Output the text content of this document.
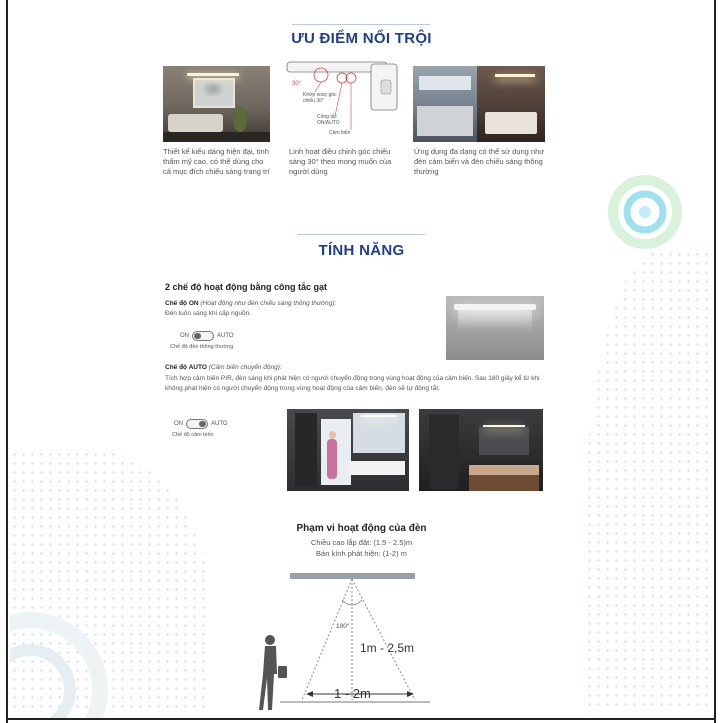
ƯU ĐIỂM NỔI TRỘI
30°
Khớp xoay góc chiếu 30°
Công tắc ON/AUTO
Cảm biến
Thiết kế kiểu dáng hiện đại, tinh thẩm mỹ cao, có thể dùng cho cả mục đích chiếu sáng trang trí
Linh hoạt điều chỉnh góc chiếu sáng 30° theo mong muốn của người dùng
Ứng dụng đa dạng có thể sử dụng như đèn cảm biến và đèn chiếu sáng thông thường
TÍNH NĂNG
2 chế độ hoạt động bằng công tắc gạt
Chế độ ON (Hoạt động như đèn chiếu sáng thông thường):
Đèn luôn sáng khi cấp nguồn.
ON	AUTO
Chế độ đèn thông thường
Chế độ AUTO (Cảm biến chuyển động):
Tích hợp cảm biến PIR, đèn sáng khi phát hiện có người chuyển động trong vùng hoạt động của cảm biến. Sau 180 giây kể từ khi không phát hiện có người chuyển động trong vùng hoạt động của cảm biến, đèn sẽ tự động tắt.
ON	AUTO
Chế độ cảm biến
Phạm vi hoạt động của đèn
Chiều cao lắp đặt: (1.5 - 2.5)m
Bán kính phát hiện: (1-2) m
100°
1m - 2,5m
1 - 2m
